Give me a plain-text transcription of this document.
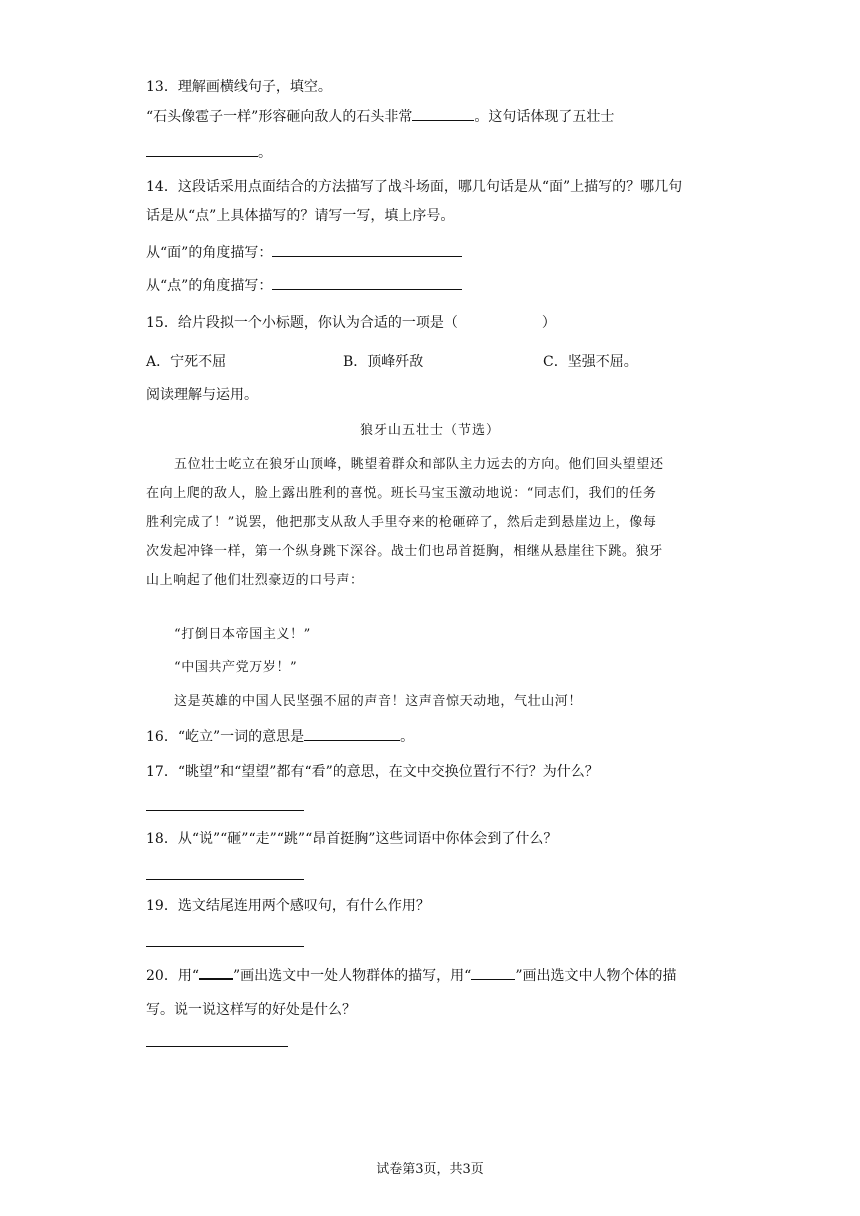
13．理解画横线句子，填空。
“石头像雹子一样”形容砸向敌人的石头非常	。这句话体现了五壮士
。
14．这段话采用点面结合的方法描写了战斗场面，哪几句话是从“面”上描写的？哪几句
话是从“点”上具体描写的？请写一写，填上序号。
从“面”的角度描写：
从“点”的角度描写：
15．给片段拟一个小标题，你认为合适的一项是（	）
A．宁死不屈	B．顶峰歼敌	C．坚强不屈。
阅读理解与运用。
狼牙山五壮士（节选）
五位壮士屹立在狼牙山顶峰，眺望着群众和部队主力远去的方向。他们回头望望还
在向上爬的敌人，脸上露出胜利的喜悦。班长马宝玉激动地说：“同志们，我们的任务
胜利完成了！”说罢，他把那支从敌人手里夺来的枪砸碎了，然后走到悬崖边上，像每
次发起冲锋一样，第一个纵身跳下深谷。战士们也昂首挺胸，相继从悬崖往下跳。狼牙
山上响起了他们壮烈豪迈的口号声：
“打倒日本帝国主义！”
“中国共产党万岁！”
这是英雄的中国人民坚强不屈的声音！这声音惊天动地，气壮山河！
16．“屹立”一词的意思是	。
17．“眺望”和“望望”都有“看”的意思，在文中交换位置行不行？为什么？
18．从“说”“砸”“走”“跳”“昂首挺胸”这些词语中你体会到了什么？
19．选文结尾连用两个感叹句，有什么作用？
20．用“ ”画出选文中一处人物群体的描写，用“	”画出选文中人物个体的描
写。说一说这样写的好处是什么？
试卷第3页，共3页
